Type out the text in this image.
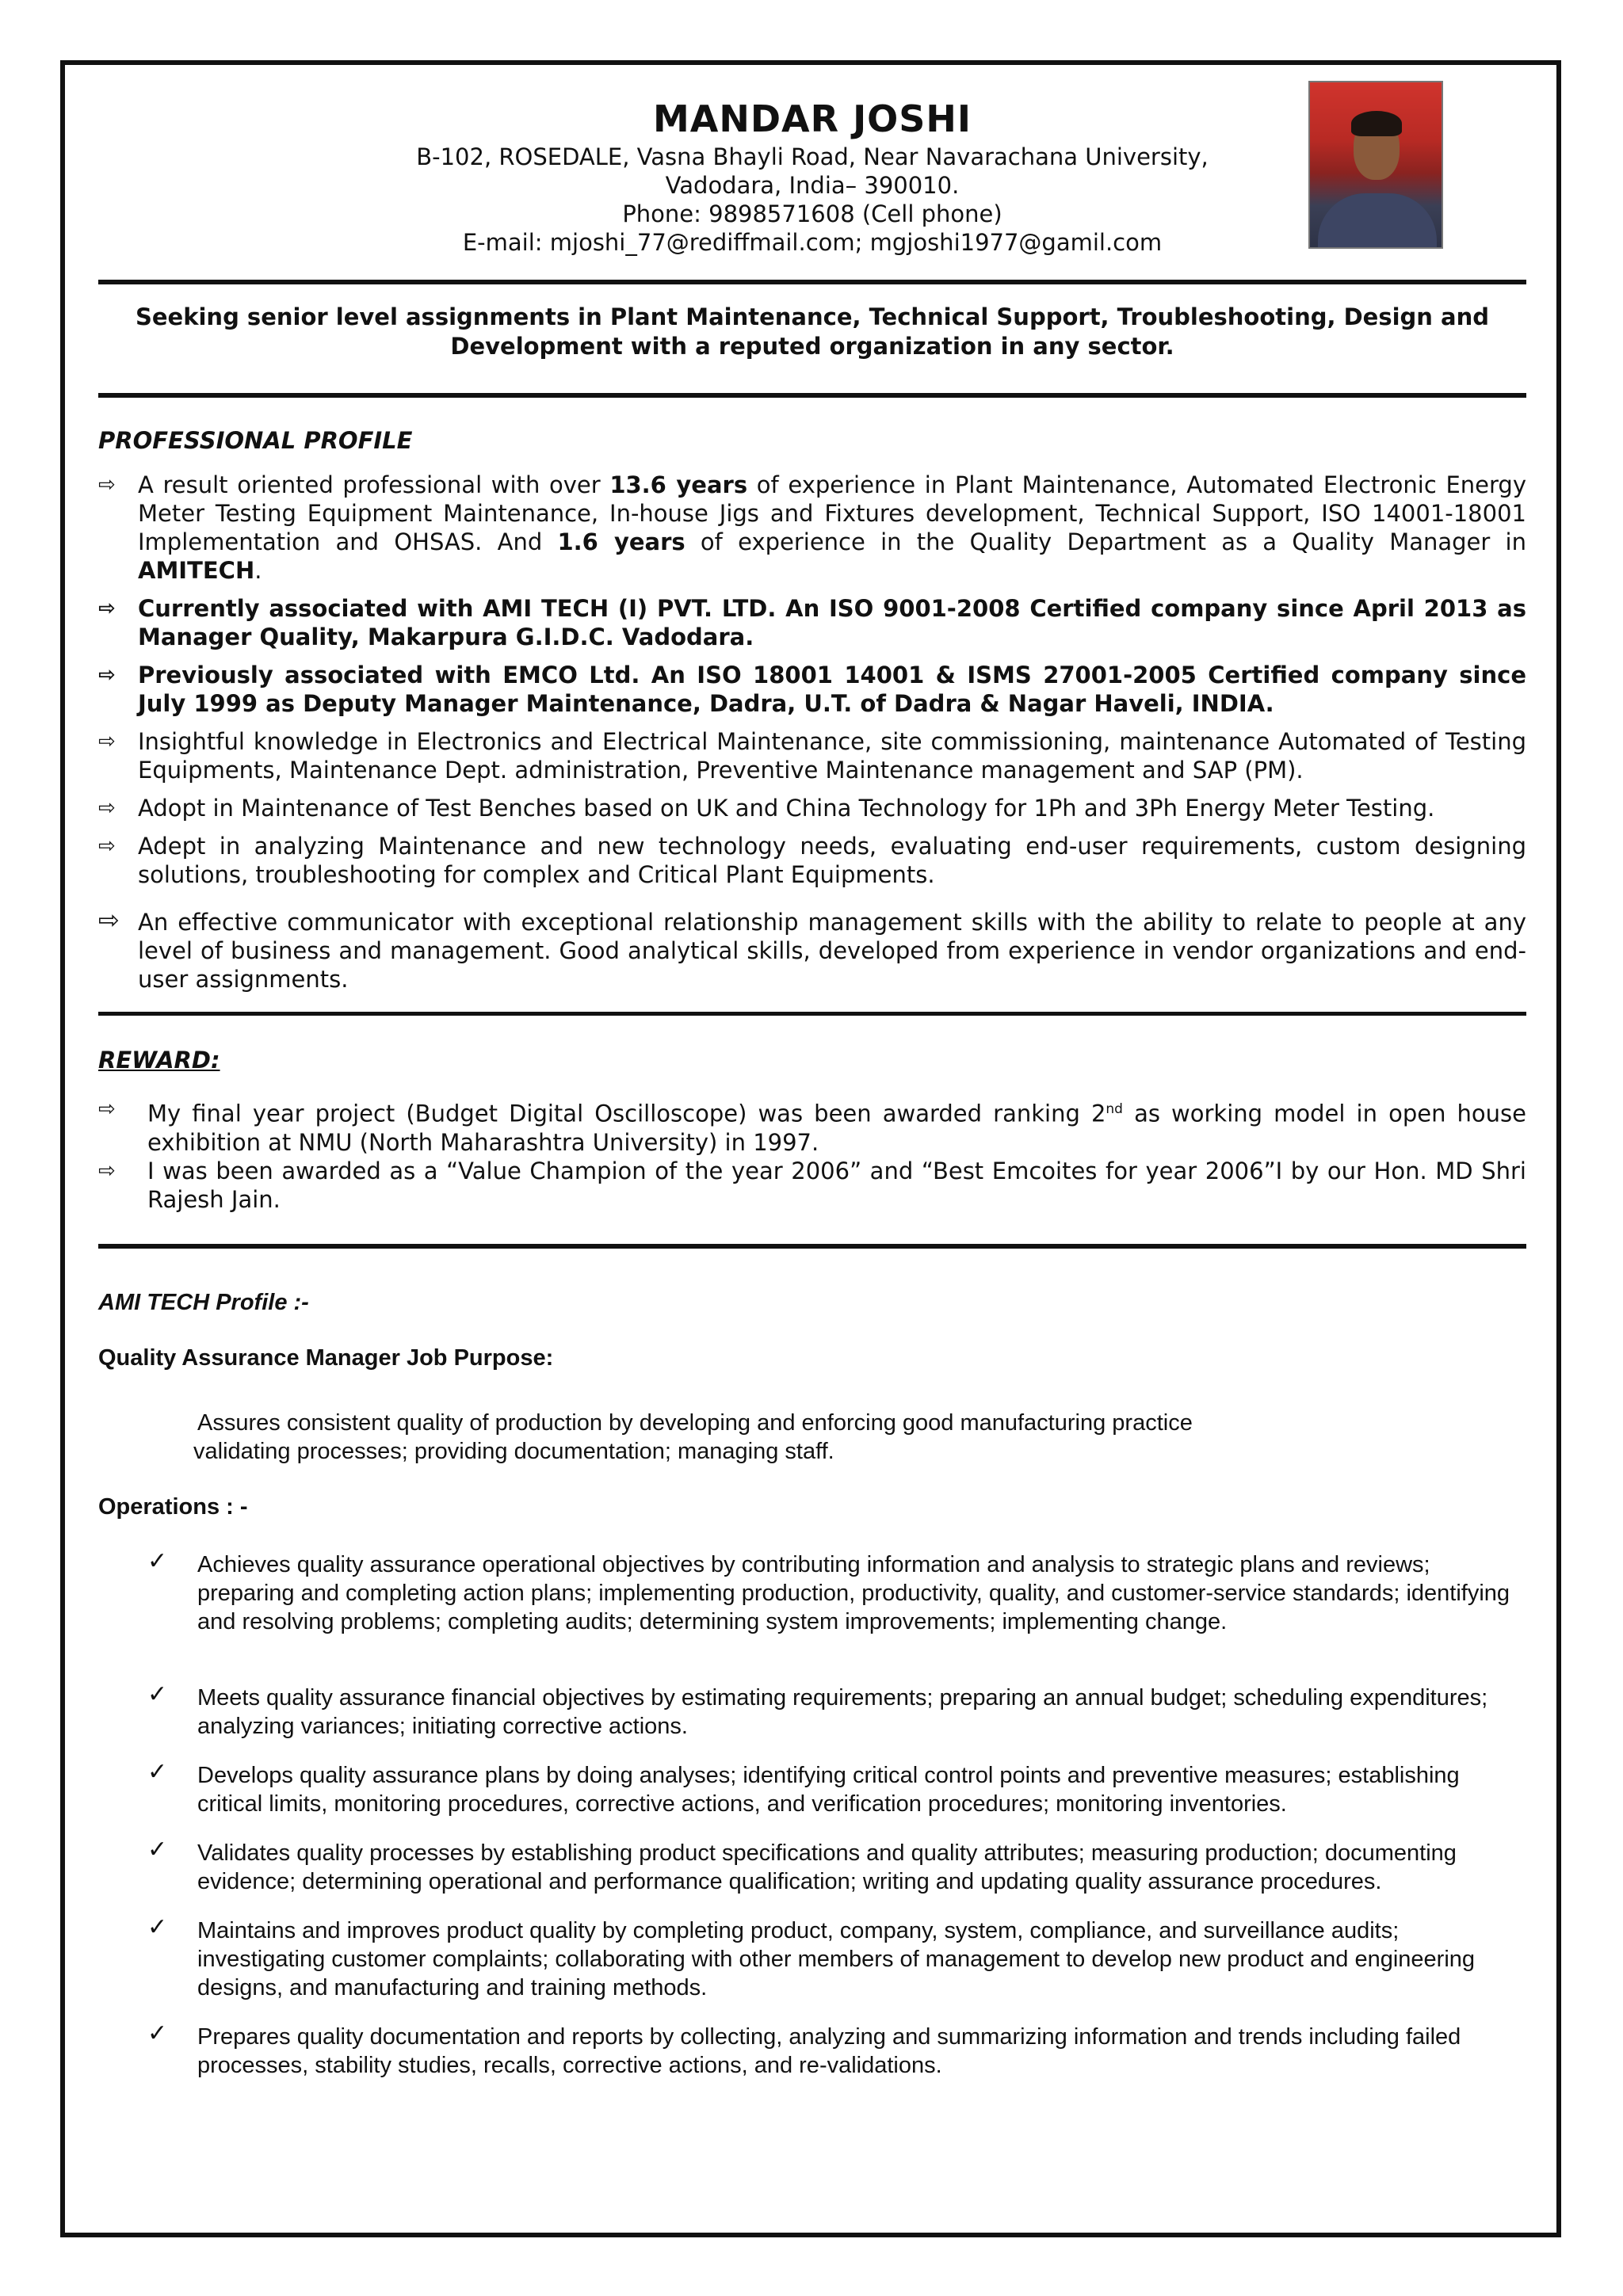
MANDAR JOSHI

B-102, ROSEDALE, Vasna Bhayli Road, Near Navarachana University,

Vadodara, India– 390010.

Phone: 9898571608 (Cell phone)

E-mail: mjoshi_77@rediffmail.com; mgjoshi1977@gamil.com

Seeking senior level assignments in Plant Maintenance, Technical Support, Troubleshooting, Design and
Development with a reputed organization in any sector.

PROFESSIONAL PROFILE

⇨ A result oriented professional with over 13.6 years of experience in Plant Maintenance, Automated Electronic Energy Meter Testing Equipment Maintenance, In-house Jigs and Fixtures development, Technical Support, ISO 14001-18001 Implementation and OHSAS. And 1.6 years of experience in the Quality Department as a Quality Manager in AMITECH.
⇨ Currently associated with AMI TECH (I) PVT. LTD. An ISO 9001-2008 Certified company since April 2013 as Manager Quality, Makarpura G.I.D.C. Vadodara.
⇨ Previously associated with EMCO Ltd. An ISO 18001 14001 & ISMS 27001-2005 Certified company since July 1999 as Deputy Manager Maintenance, Dadra, U.T. of Dadra & Nagar Haveli, INDIA.
⇨ Insightful knowledge in Electronics and Electrical Maintenance, site commissioning, maintenance Automated of Testing Equipments, Maintenance Dept. administration, Preventive Maintenance management and SAP (PM).
⇨ Adopt in Maintenance of Test Benches based on UK and China Technology for 1Ph and 3Ph Energy Meter Testing.
⇨ Adept in analyzing Maintenance and new technology needs, evaluating end-user requirements, custom designing solutions, troubleshooting for complex and Critical Plant Equipments.
⇨ An effective communicator with exceptional relationship management skills with the ability to relate to people at any level of business and management. Good analytical skills, developed from experience in vendor organizations and end-user assignments.

REWARD:

⇨	My final year project (Budget Digital Oscilloscope) was been awarded ranking 2nd as working model in open house exhibition at NMU (North Maharashtra University) in 1997.
⇨	I was been awarded as a “Value Champion of the year 2006” and “Best Emcoites for year 2006”I by our Hon. MD Shri Rajesh Jain.
AMI TECH Profile :-
Quality Assurance Manager Job Purpose:
Assures consistent quality of production by developing and enforcing good manufacturing practice
validating processes; providing documentation; managing staff.
Operations : -
✓ Achieves quality assurance operational objectives by contributing information and analysis to strategic plans and reviews; preparing and completing action plans; implementing production, productivity, quality, and customer-service standards; identifying and resolving problems; completing audits; determining system improvements; implementing change.
✓ Meets quality assurance financial objectives by estimating requirements; preparing an annual budget; scheduling expenditures; analyzing variances; initiating corrective actions.
✓ Develops quality assurance plans by doing analyses; identifying critical control points and preventive measures; establishing critical limits, monitoring procedures, corrective actions, and verification procedures; monitoring inventories.
✓ Validates quality processes by establishing product specifications and quality attributes; measuring production; documenting evidence; determining operational and performance qualification; writing and updating quality assurance procedures.
✓ Maintains and improves product quality by completing product, company, system, compliance, and surveillance audits; investigating customer complaints; collaborating with other members of management to develop new product and engineering designs, and manufacturing and training methods.
✓ Prepares quality documentation and reports by collecting, analyzing and summarizing information and trends including failed processes, stability studies, recalls, corrective actions, and re-validations.
